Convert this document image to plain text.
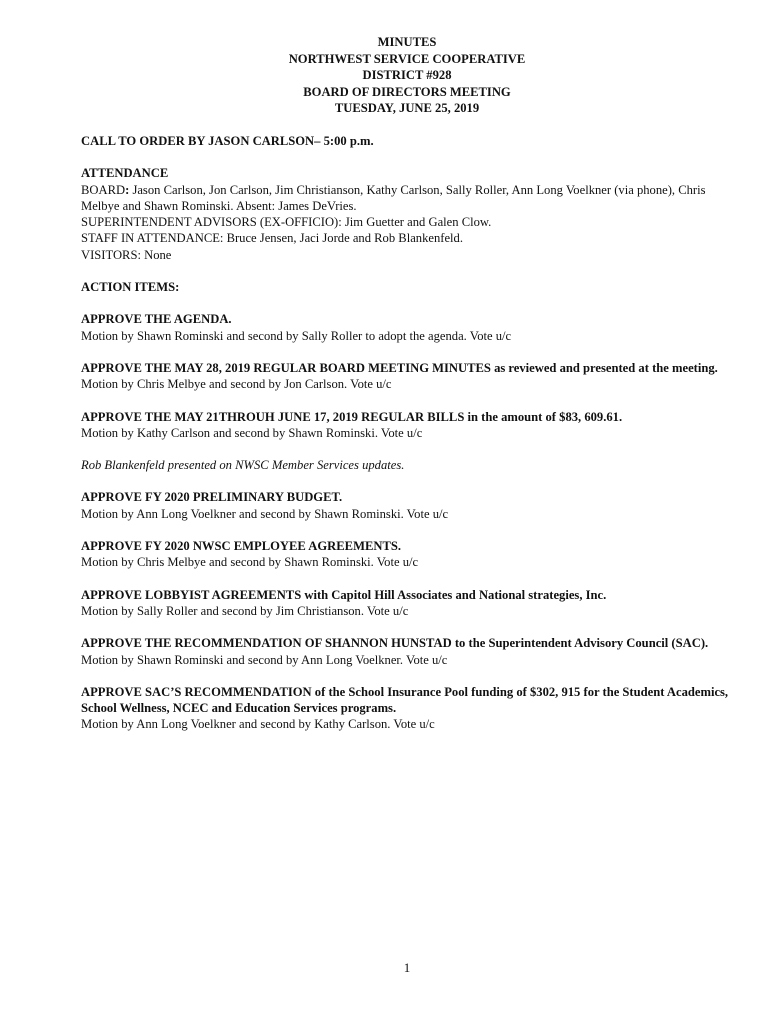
MINUTES
NORTHWEST SERVICE COOPERATIVE
DISTRICT #928
BOARD OF DIRECTORS MEETING
TUESDAY, JUNE 25, 2019
CALL TO ORDER BY JASON CARLSON– 5:00 p.m.
ATTENDANCE
BOARD: Jason Carlson, Jon Carlson, Jim Christianson, Kathy Carlson, Sally Roller, Ann Long Voelkner (via phone), Chris Melbye and Shawn Rominski. Absent: James DeVries.
SUPERINTENDENT ADVISORS (EX-OFFICIO): Jim Guetter and Galen Clow.
STAFF IN ATTENDANCE: Bruce Jensen, Jaci Jorde and Rob Blankenfeld.
VISITORS: None
ACTION ITEMS:
APPROVE THE AGENDA.
Motion by Shawn Rominski and second by Sally Roller to adopt the agenda. Vote u/c
APPROVE THE MAY 28, 2019 REGULAR BOARD MEETING MINUTES as reviewed and presented at the meeting.
Motion by Chris Melbye and second by Jon Carlson. Vote u/c
APPROVE THE MAY 21THROUH JUNE 17, 2019 REGULAR BILLS in the amount of $83, 609.61.
Motion by Kathy Carlson and second by Shawn Rominski. Vote u/c
Rob Blankenfeld presented on NWSC Member Services updates.
APPROVE FY 2020 PRELIMINARY BUDGET.
Motion by Ann Long Voelkner and second by Shawn Rominski. Vote u/c
APPROVE FY 2020 NWSC EMPLOYEE AGREEMENTS.
Motion by Chris Melbye and second by Shawn Rominski. Vote u/c
APPROVE LOBBYIST AGREEMENTS with Capitol Hill Associates and National strategies, Inc.
Motion by Sally Roller and second by Jim Christianson. Vote u/c
APPROVE THE RECOMMENDATION OF SHANNON HUNSTAD to the Superintendent Advisory Council (SAC).
Motion by Shawn Rominski and second by Ann Long Voelkner. Vote u/c
APPROVE SAC’S RECOMMENDATION of the School Insurance Pool funding of $302, 915 for the Student Academics, School Wellness, NCEC and Education Services programs.
Motion by Ann Long Voelkner and second by Kathy Carlson. Vote u/c
1
